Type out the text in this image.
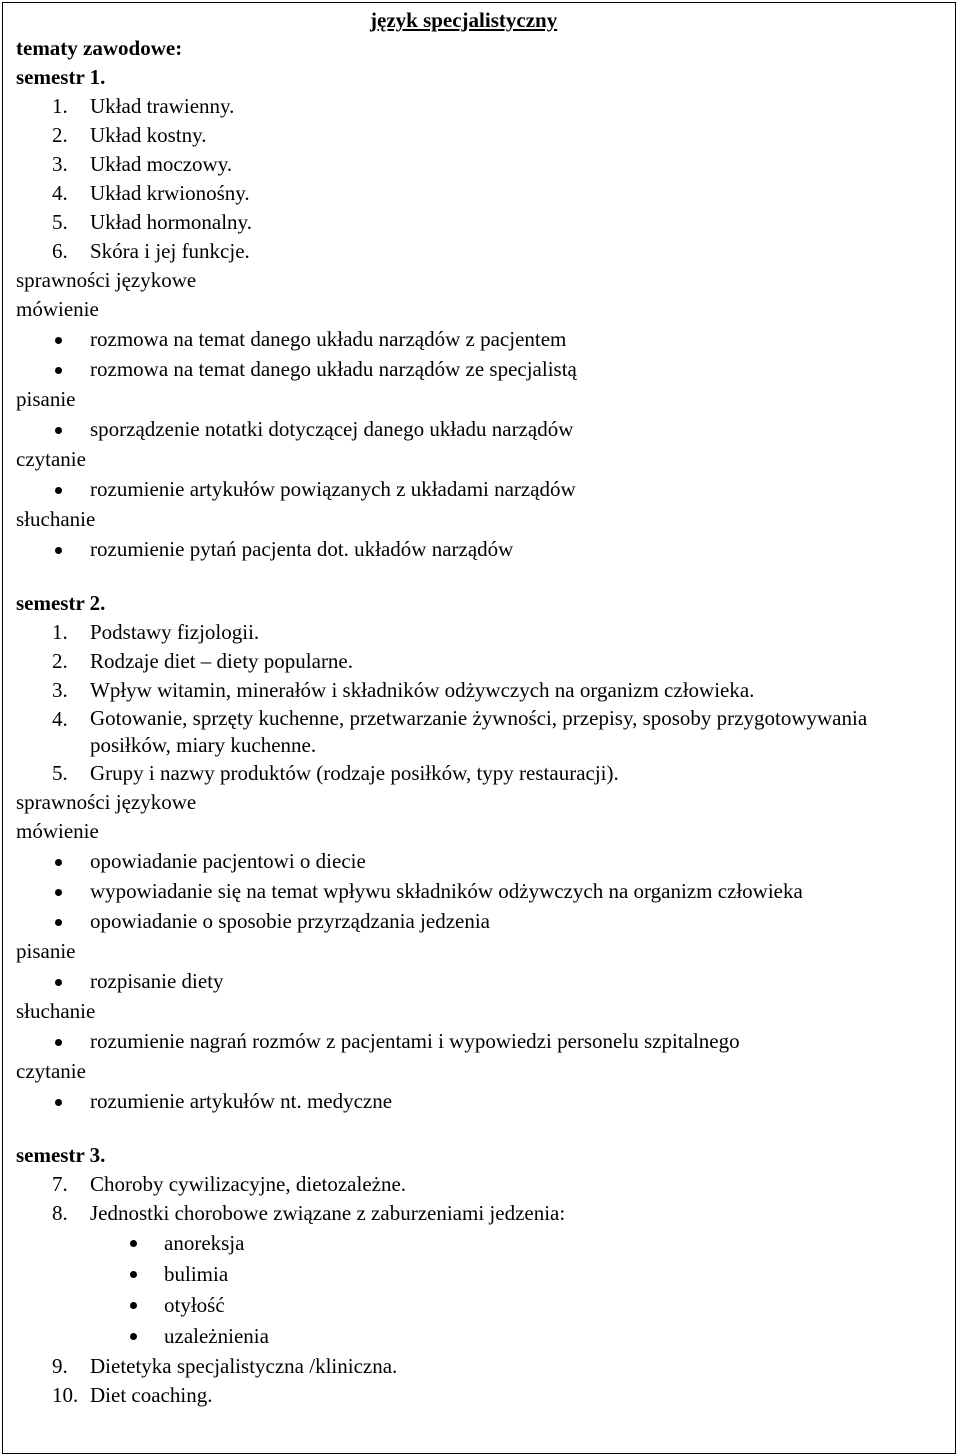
język specjalistyczny
tematy zawodowe:
semestr 1.
1.	Układ trawienny.
2.	Układ kostny.
3.	Układ moczowy.
4.	Układ krwionośny.
5.	Układ hormonalny.
6.	Skóra i jej funkcje.
sprawności językowe
mówienie
rozmowa na temat danego układu narządów z pacjentem
rozmowa na temat danego układu narządów ze specjalistą
pisanie
sporządzenie notatki dotyczącej danego układu narządów
czytanie
rozumienie artykułów powiązanych z układami narządów
słuchanie
rozumienie pytań pacjenta dot. układów narządów
semestr 2.
1.	Podstawy fizjologii.
2.	Rodzaje diet – diety popularne.
3.	Wpływ witamin, minerałów i składników odżywczych na organizm człowieka.
4.	Gotowanie, sprzęty kuchenne, przetwarzanie żywności, przepisy, sposoby przygotowywania posiłków, miary kuchenne.
5.	Grupy i nazwy produktów (rodzaje posiłków, typy restauracji).
sprawności językowe
mówienie
opowiadanie pacjentowi o diecie
wypowiadanie się na temat wpływu składników odżywczych na organizm człowieka
opowiadanie o sposobie przyrządzania jedzenia
pisanie
rozpisanie diety
słuchanie
rozumienie nagrań rozmów z pacjentami i wypowiedzi personelu szpitalnego
czytanie
rozumienie artykułów nt. medyczne
semestr 3.
7.	Choroby cywilizacyjne, dietozależne.
8.	Jednostki chorobowe związane z zaburzeniami jedzenia:
anoreksja
bulimia
otyłość
uzależnienia
9.	Dietetyka specjalistyczna /kliniczna.
10. Diet coaching.
